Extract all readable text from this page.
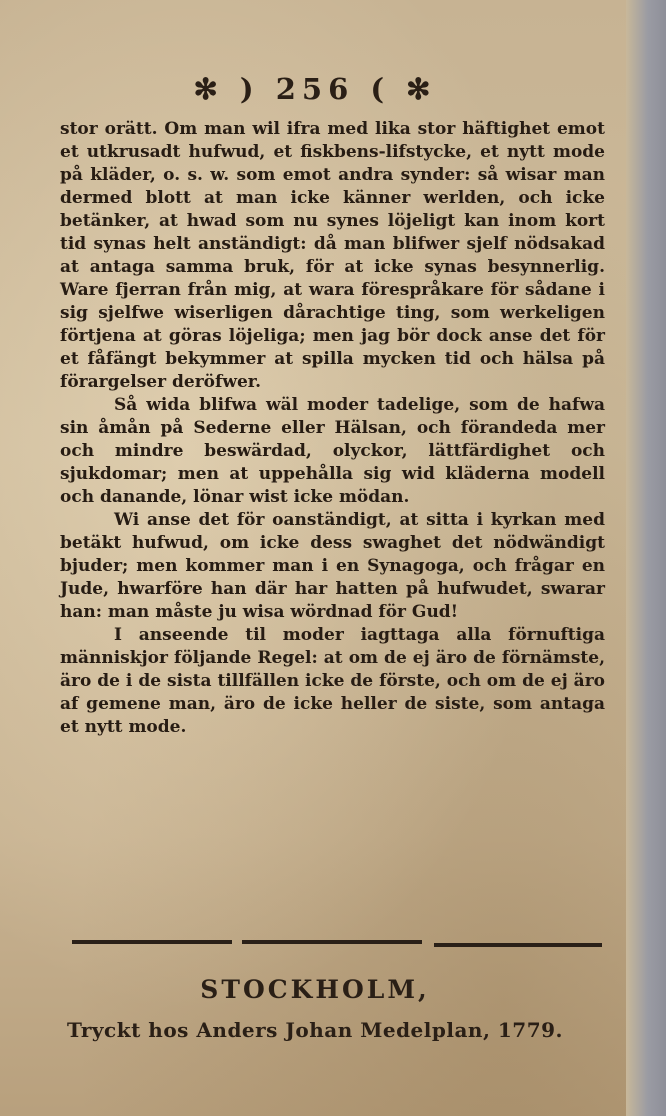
✻ ) 256 ( ✻

stor orätt. Om man wil ifra med lika stor häftighet emot et utkrusadt hufwud, et fiskbens-lifstycke, et nytt mode på kläder, o. s. w. som emot andra synder: så wisar man dermed blott at man icke känner werlden, och icke betänker, at hwad som nu synes löjeligt kan inom kort tid synas helt anständigt: då man blifwer sjelf nödsakad at antaga samma bruk, för at icke synas besynnerlig. Ware fjerran från mig, at wara förespråkare för sådane i sig sjelfwe wiserligen dårachtige ting, som werkeligen förtjena at göras löjeliga; men jag bör dock anse det för et fåfängt bekymmer at spilla mycken tid och hälsa på förargelser deröfwer.

Så wida blifwa wäl moder tadelige, som de hafwa sin åmån på Sederne eller Hälsan, och förandeda mer och mindre beswärdad, olyckor, lättfärdighet och sjukdomar; men at uppehålla sig wid kläderna modell och danande, lönar wist icke mödan.

Wi anse det för oanständigt, at sitta i kyrkan med betäkt hufwud, om icke dess swaghet det nödwändigt bjuder; men kommer man i en Synagoga, och frågar en Jude, hwarföre han där har hatten på hufwudet, swarar han: man måste ju wisa wördnad för Gud!

I anseende til moder iagttaga alla förnuftiga människjor följande Regel: at om de ej äro de förnämste, äro de i de sista tillfällen icke de förste, och om de ej äro af gemene man, äro de icke heller de siste, som antaga et nytt mode.

STOCKHOLM,
Tryckt hos Anders Johan Medelplan, 1779.
